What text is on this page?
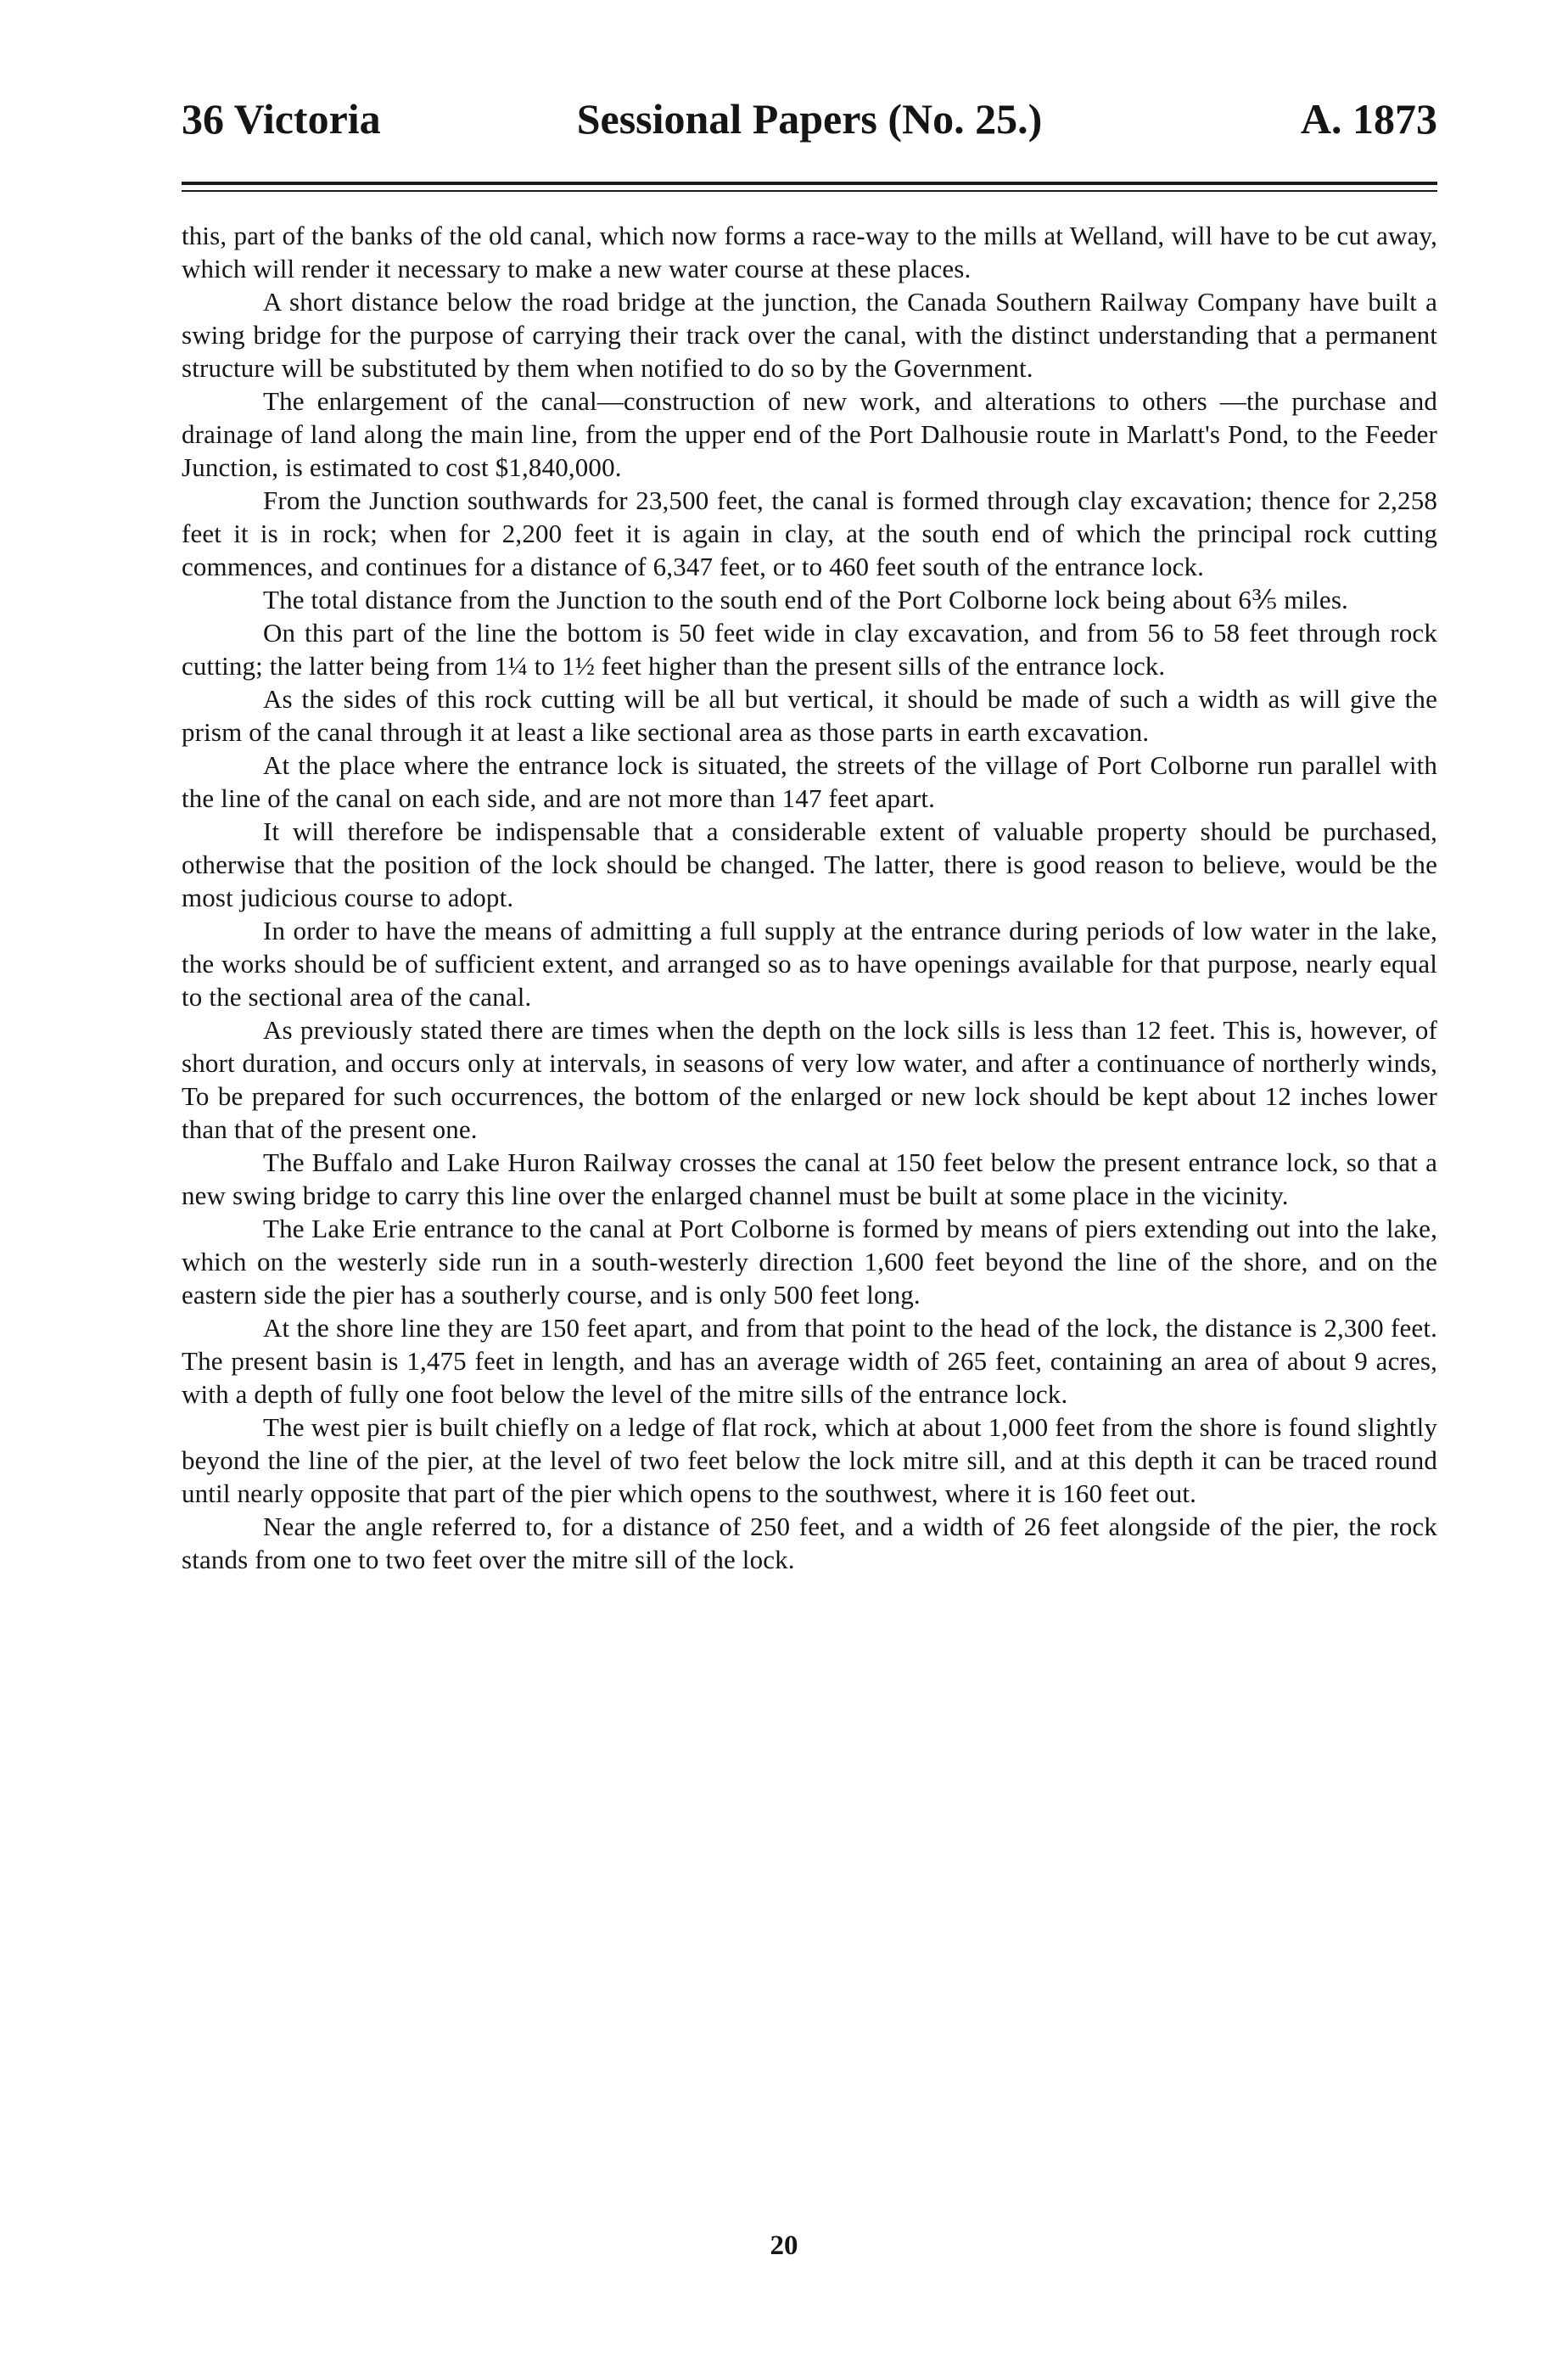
36 Victoria	Sessional Papers (No. 25.)	A. 1873

this, part of the banks of the old canal, which now forms a race-way to the mills at Welland, will have to be cut away, which will render it necessary to make a new water course at these places.

A short distance below the road bridge at the junction, the Canada Southern Railway Company have built a swing bridge for the purpose of carrying their track over the canal, with the distinct understanding that a permanent structure will be substituted by them when notified to do so by the Government.

The enlargement of the canal—construction of new work, and alterations to others —the purchase and drainage of land along the main line, from the upper end of the Port Dalhousie route in Marlatt's Pond, to the Feeder Junction, is estimated to cost $1,840,000.

From the Junction southwards for 23,500 feet, the canal is formed through clay excavation; thence for 2,258 feet it is in rock; when for 2,200 feet it is again in clay, at the south end of which the principal rock cutting commences, and continues for a distance of 6,347 feet, or to 460 feet south of the entrance lock.

The total distance from the Junction to the south end of the Port Colborne lock being about 6⅗ miles.

On this part of the line the bottom is 50 feet wide in clay excavation, and from 56 to 58 feet through rock cutting; the latter being from 1¼ to 1½ feet higher than the present sills of the entrance lock.

As the sides of this rock cutting will be all but vertical, it should be made of such a width as will give the prism of the canal through it at least a like sectional area as those parts in earth excavation.

At the place where the entrance lock is situated, the streets of the village of Port Colborne run parallel with the line of the canal on each side, and are not more than 147 feet apart.

It will therefore be indispensable that a considerable extent of valuable property should be purchased, otherwise that the position of the lock should be changed. The latter, there is good reason to believe, would be the most judicious course to adopt.

In order to have the means of admitting a full supply at the entrance during periods of low water in the lake, the works should be of sufficient extent, and arranged so as to have openings available for that purpose, nearly equal to the sectional area of the canal.

As previously stated there are times when the depth on the lock sills is less than 12 feet. This is, however, of short duration, and occurs only at intervals, in seasons of very low water, and after a continuance of northerly winds, To be prepared for such occurrences, the bottom of the enlarged or new lock should be kept about 12 inches lower than that of the present one.

The Buffalo and Lake Huron Railway crosses the canal at 150 feet below the present entrance lock, so that a new swing bridge to carry this line over the enlarged channel must be built at some place in the vicinity.

The Lake Erie entrance to the canal at Port Colborne is formed by means of piers extending out into the lake, which on the westerly side run in a south-westerly direction 1,600 feet beyond the line of the shore, and on the eastern side the pier has a southerly course, and is only 500 feet long.

At the shore line they are 150 feet apart, and from that point to the head of the lock, the distance is 2,300 feet. The present basin is 1,475 feet in length, and has an average width of 265 feet, containing an area of about 9 acres, with a depth of fully one foot below the level of the mitre sills of the entrance lock.

The west pier is built chiefly on a ledge of flat rock, which at about 1,000 feet from the shore is found slightly beyond the line of the pier, at the level of two feet below the lock mitre sill, and at this depth it can be traced round until nearly opposite that part of the pier which opens to the southwest, where it is 160 feet out.

Near the angle referred to, for a distance of 250 feet, and a width of 26 feet alongside of the pier, the rock stands from one to two feet over the mitre sill of the lock.

20
